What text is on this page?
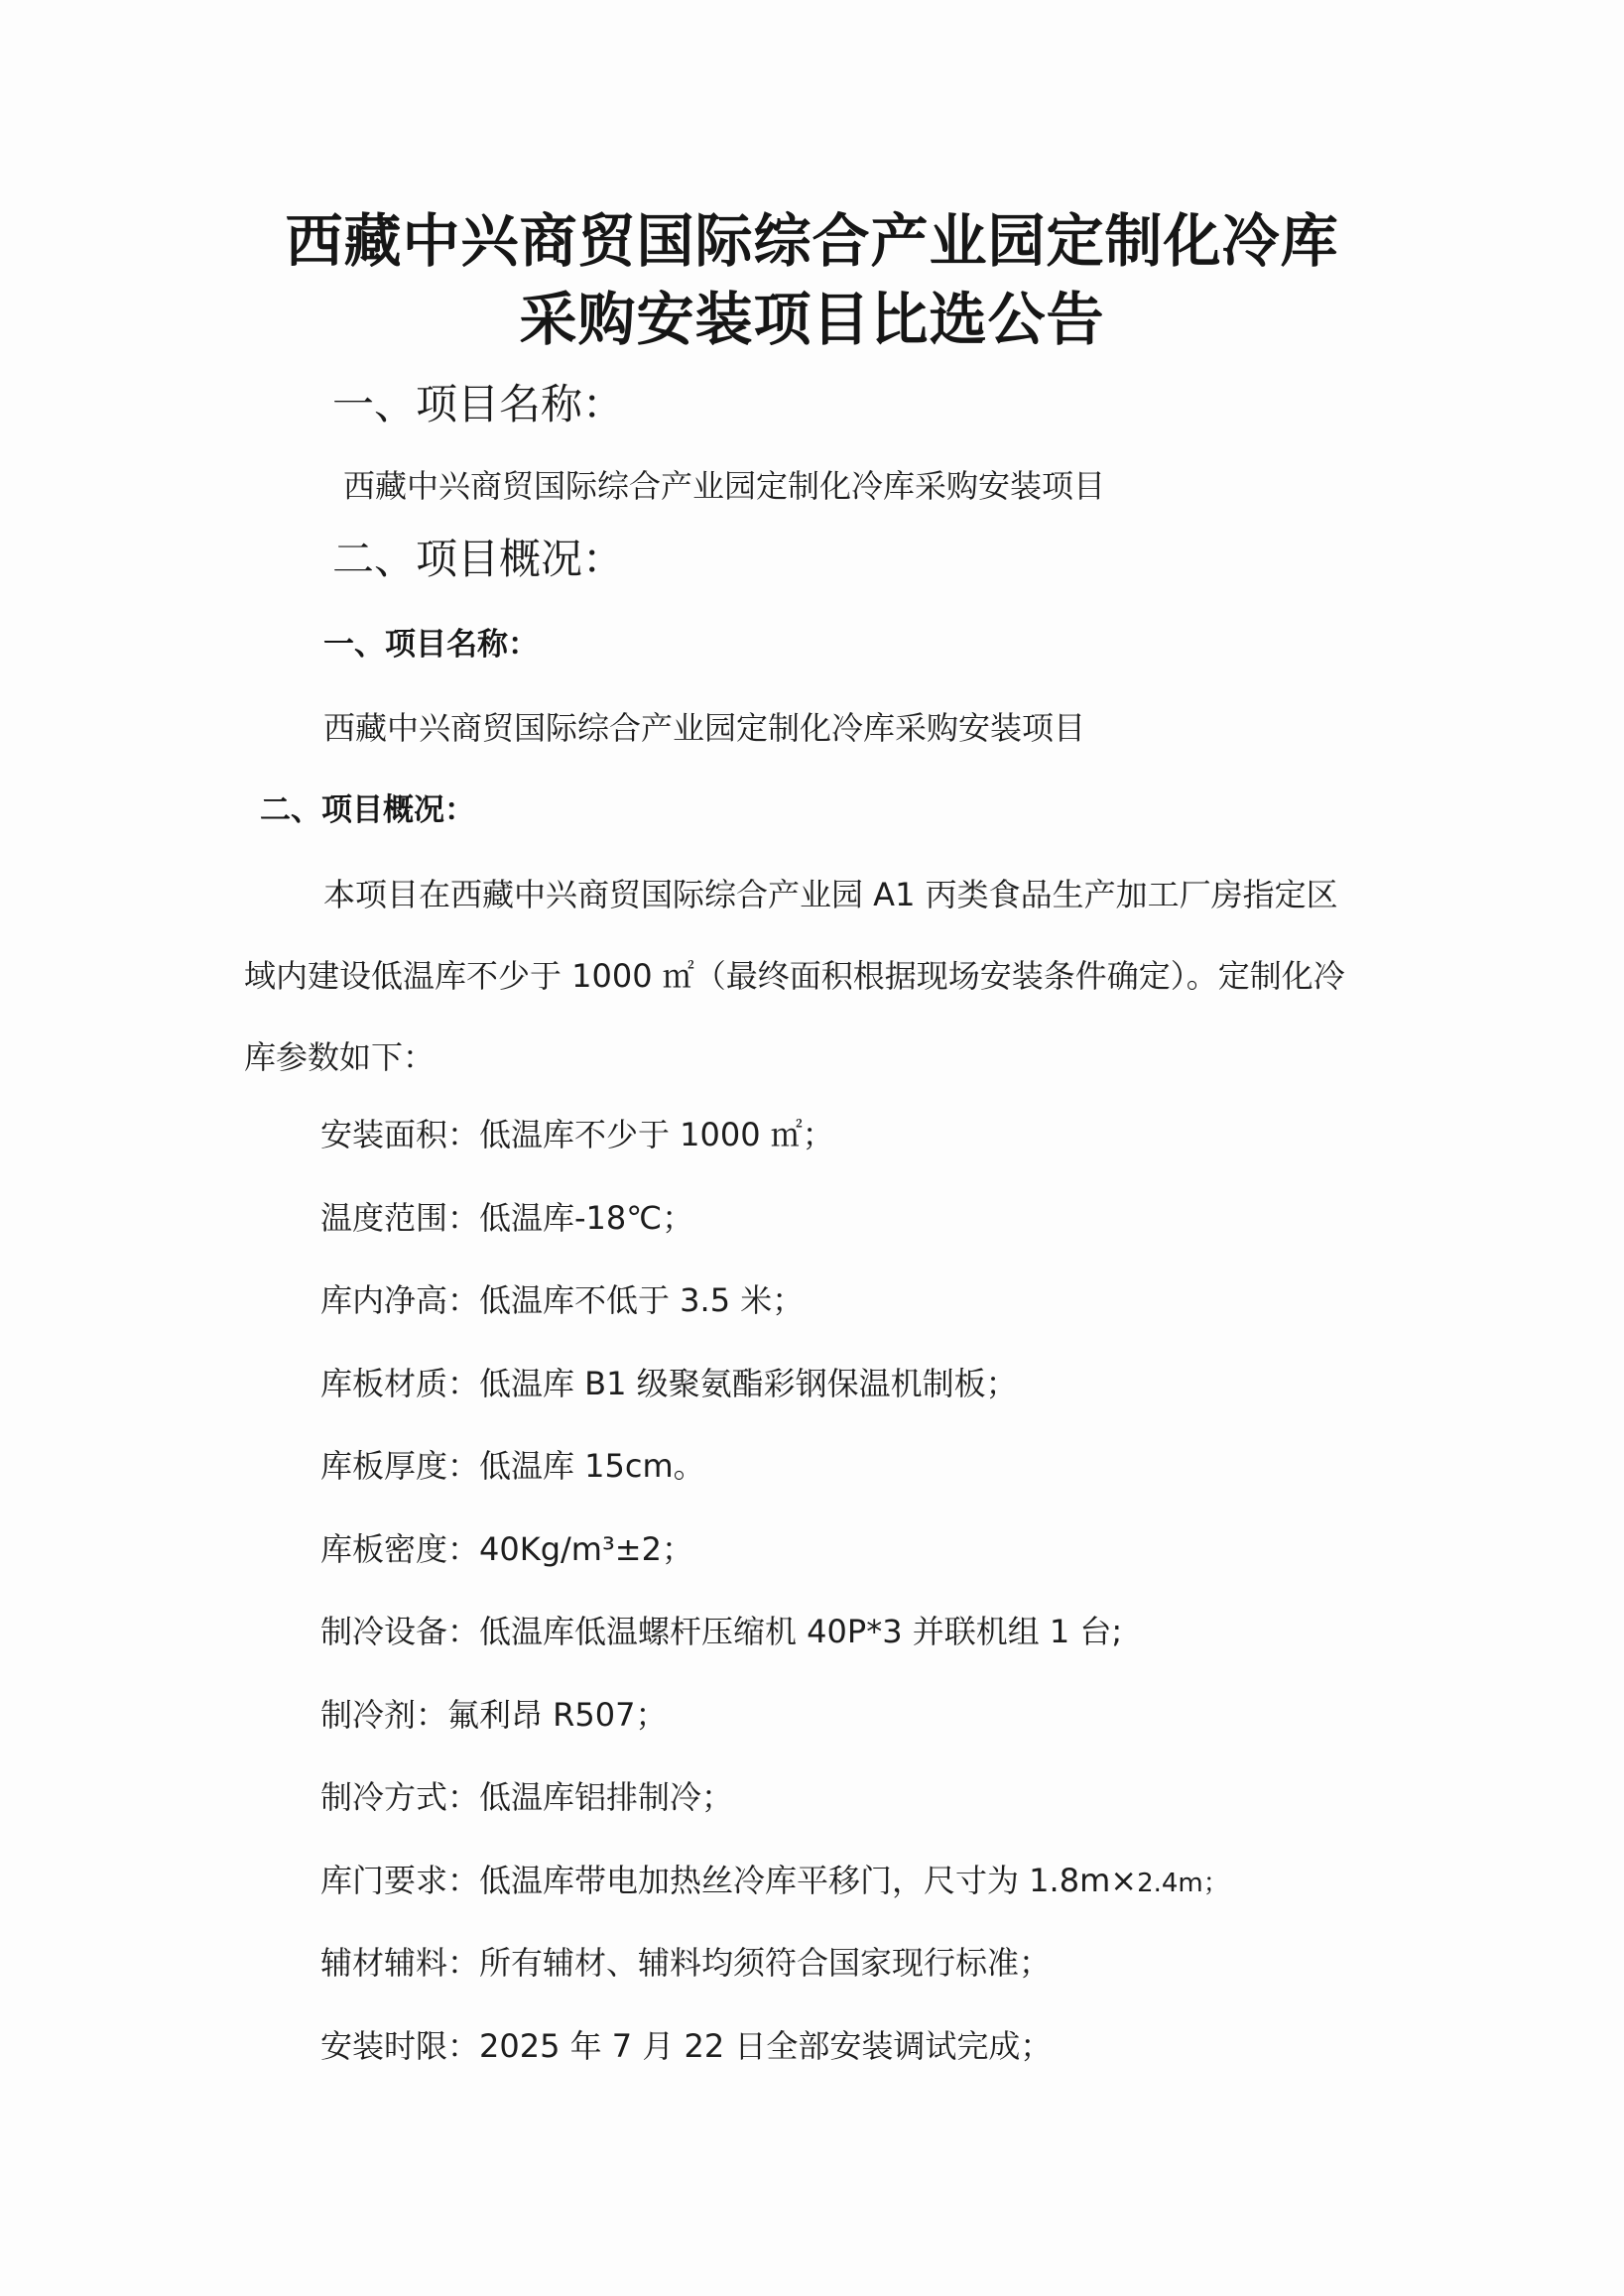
西藏中兴商贸国际综合产业园定制化冷库
采购安装项目比选公告
一、项目名称：
西藏中兴商贸国际综合产业园定制化冷库采购安装项目
二、项目概况：
一、项目名称：
西藏中兴商贸国际综合产业园定制化冷库采购安装项目
二、项目概况：
本项目在西藏中兴商贸国际综合产业园 A1 丙类食品生产加工厂房指定区
域内建设低温库不少于 1000 ㎡（最终面积根据现场安装条件确定）。定制化冷
库参数如下：
安装面积：低温库不少于 1000 ㎡；
温度范围：低温库-18℃；
库内净高：低温库不低于 3.5 米；
库板材质：低温库 B1 级聚氨酯彩钢保温机制板；
库板厚度：低温库 15cm。
库板密度：40Kg/m³±2；
制冷设备：低温库低温螺杆压缩机 40P*3 并联机组 1 台;
制冷剂：氟利昂 R507；
制冷方式：低温库铝排制冷；
库门要求：低温库带电加热丝冷库平移门，尺寸为 1.8m×2.4m；
辅材辅料：所有辅材、辅料均须符合国家现行标准；
安装时限：2025 年 7 月 22 日全部安装调试完成；
